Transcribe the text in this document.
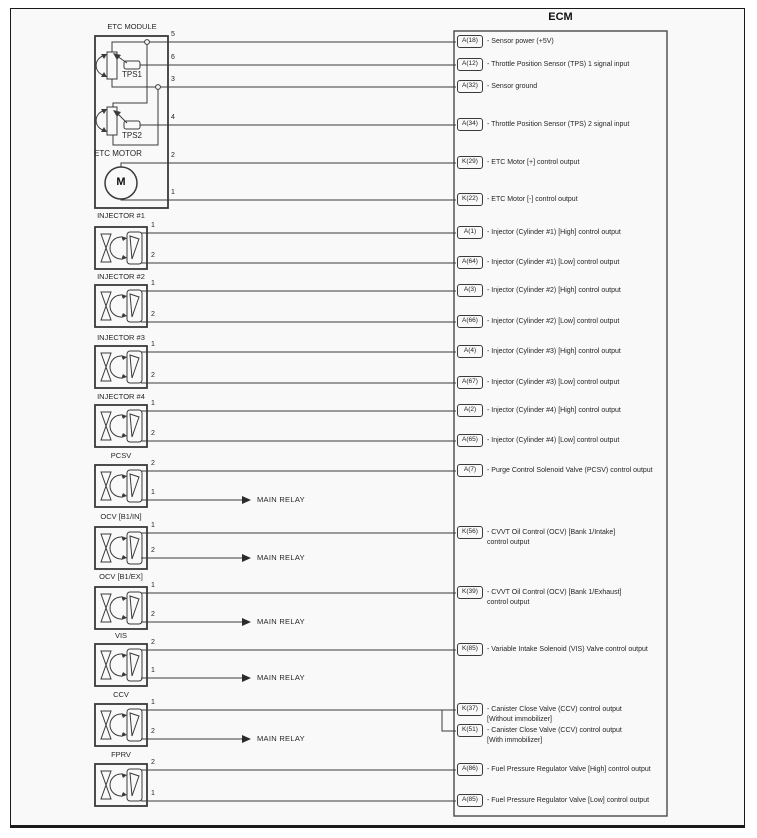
ECM
ETC MODULE
TPS1
TPS2
ETC MOTOR
M
5
6
3
4
2
1
INJECTOR #1
INJECTOR #2
INJECTOR #3
INJECTOR #4
PCSV
OCV [B1/IN]
OCV [B1/EX]
VIS
CCV
FPRV
1
2
1
2
1
2
1
2
2
1
1
2
1
2
2
1
1
2
2
1
MAIN RELAY
MAIN RELAY
MAIN RELAY
MAIN RELAY
MAIN RELAY
A(18)	- Sensor power (+5V)
A(12)	- Throttle Position Sensor (TPS) 1 signal input
A(32)	- Sensor ground
A(34)	- Throttle Position Sensor (TPS) 2 signal input
K(29)	- ETC Motor [+] control output
K(22)	- ETC Motor [-] control output
A(1)	- Injector (Cylinder #1) [High] control output
A(64)	- Injector (Cylinder #1) [Low] control output
A(3)	- Injector (Cylinder #2) [High] control output
A(66)	- Injector (Cylinder #2) [Low] control output
A(4)	- Injector (Cylinder #3) [High] control output
A(67)	- Injector (Cylinder #3) [Low] control output
A(2)	- Injector (Cylinder #4) [High] control output
A(65)	- Injector (Cylinder #4) [Low] control output
A(7)	- Purge Control Solenoid Valve (PCSV) control output
K(56)	- CVVT Oil Control (OCV) [Bank 1/Intake]
control output
K(39)	- CVVT Oil Control (OCV) [Bank 1/Exhaust]
control output
K(85)	- Variable Intake Solenoid (VIS) Valve control output
K(37)	- Canister Close Valve (CCV) control output
[Without immobilizer]
K(51)	- Canister Close Valve (CCV) control output
[With immobilizer]
A(86)	- Fuel Pressure Regulator Valve [High] control output
A(85)	- Fuel Pressure Regulator Valve [Low] control output
